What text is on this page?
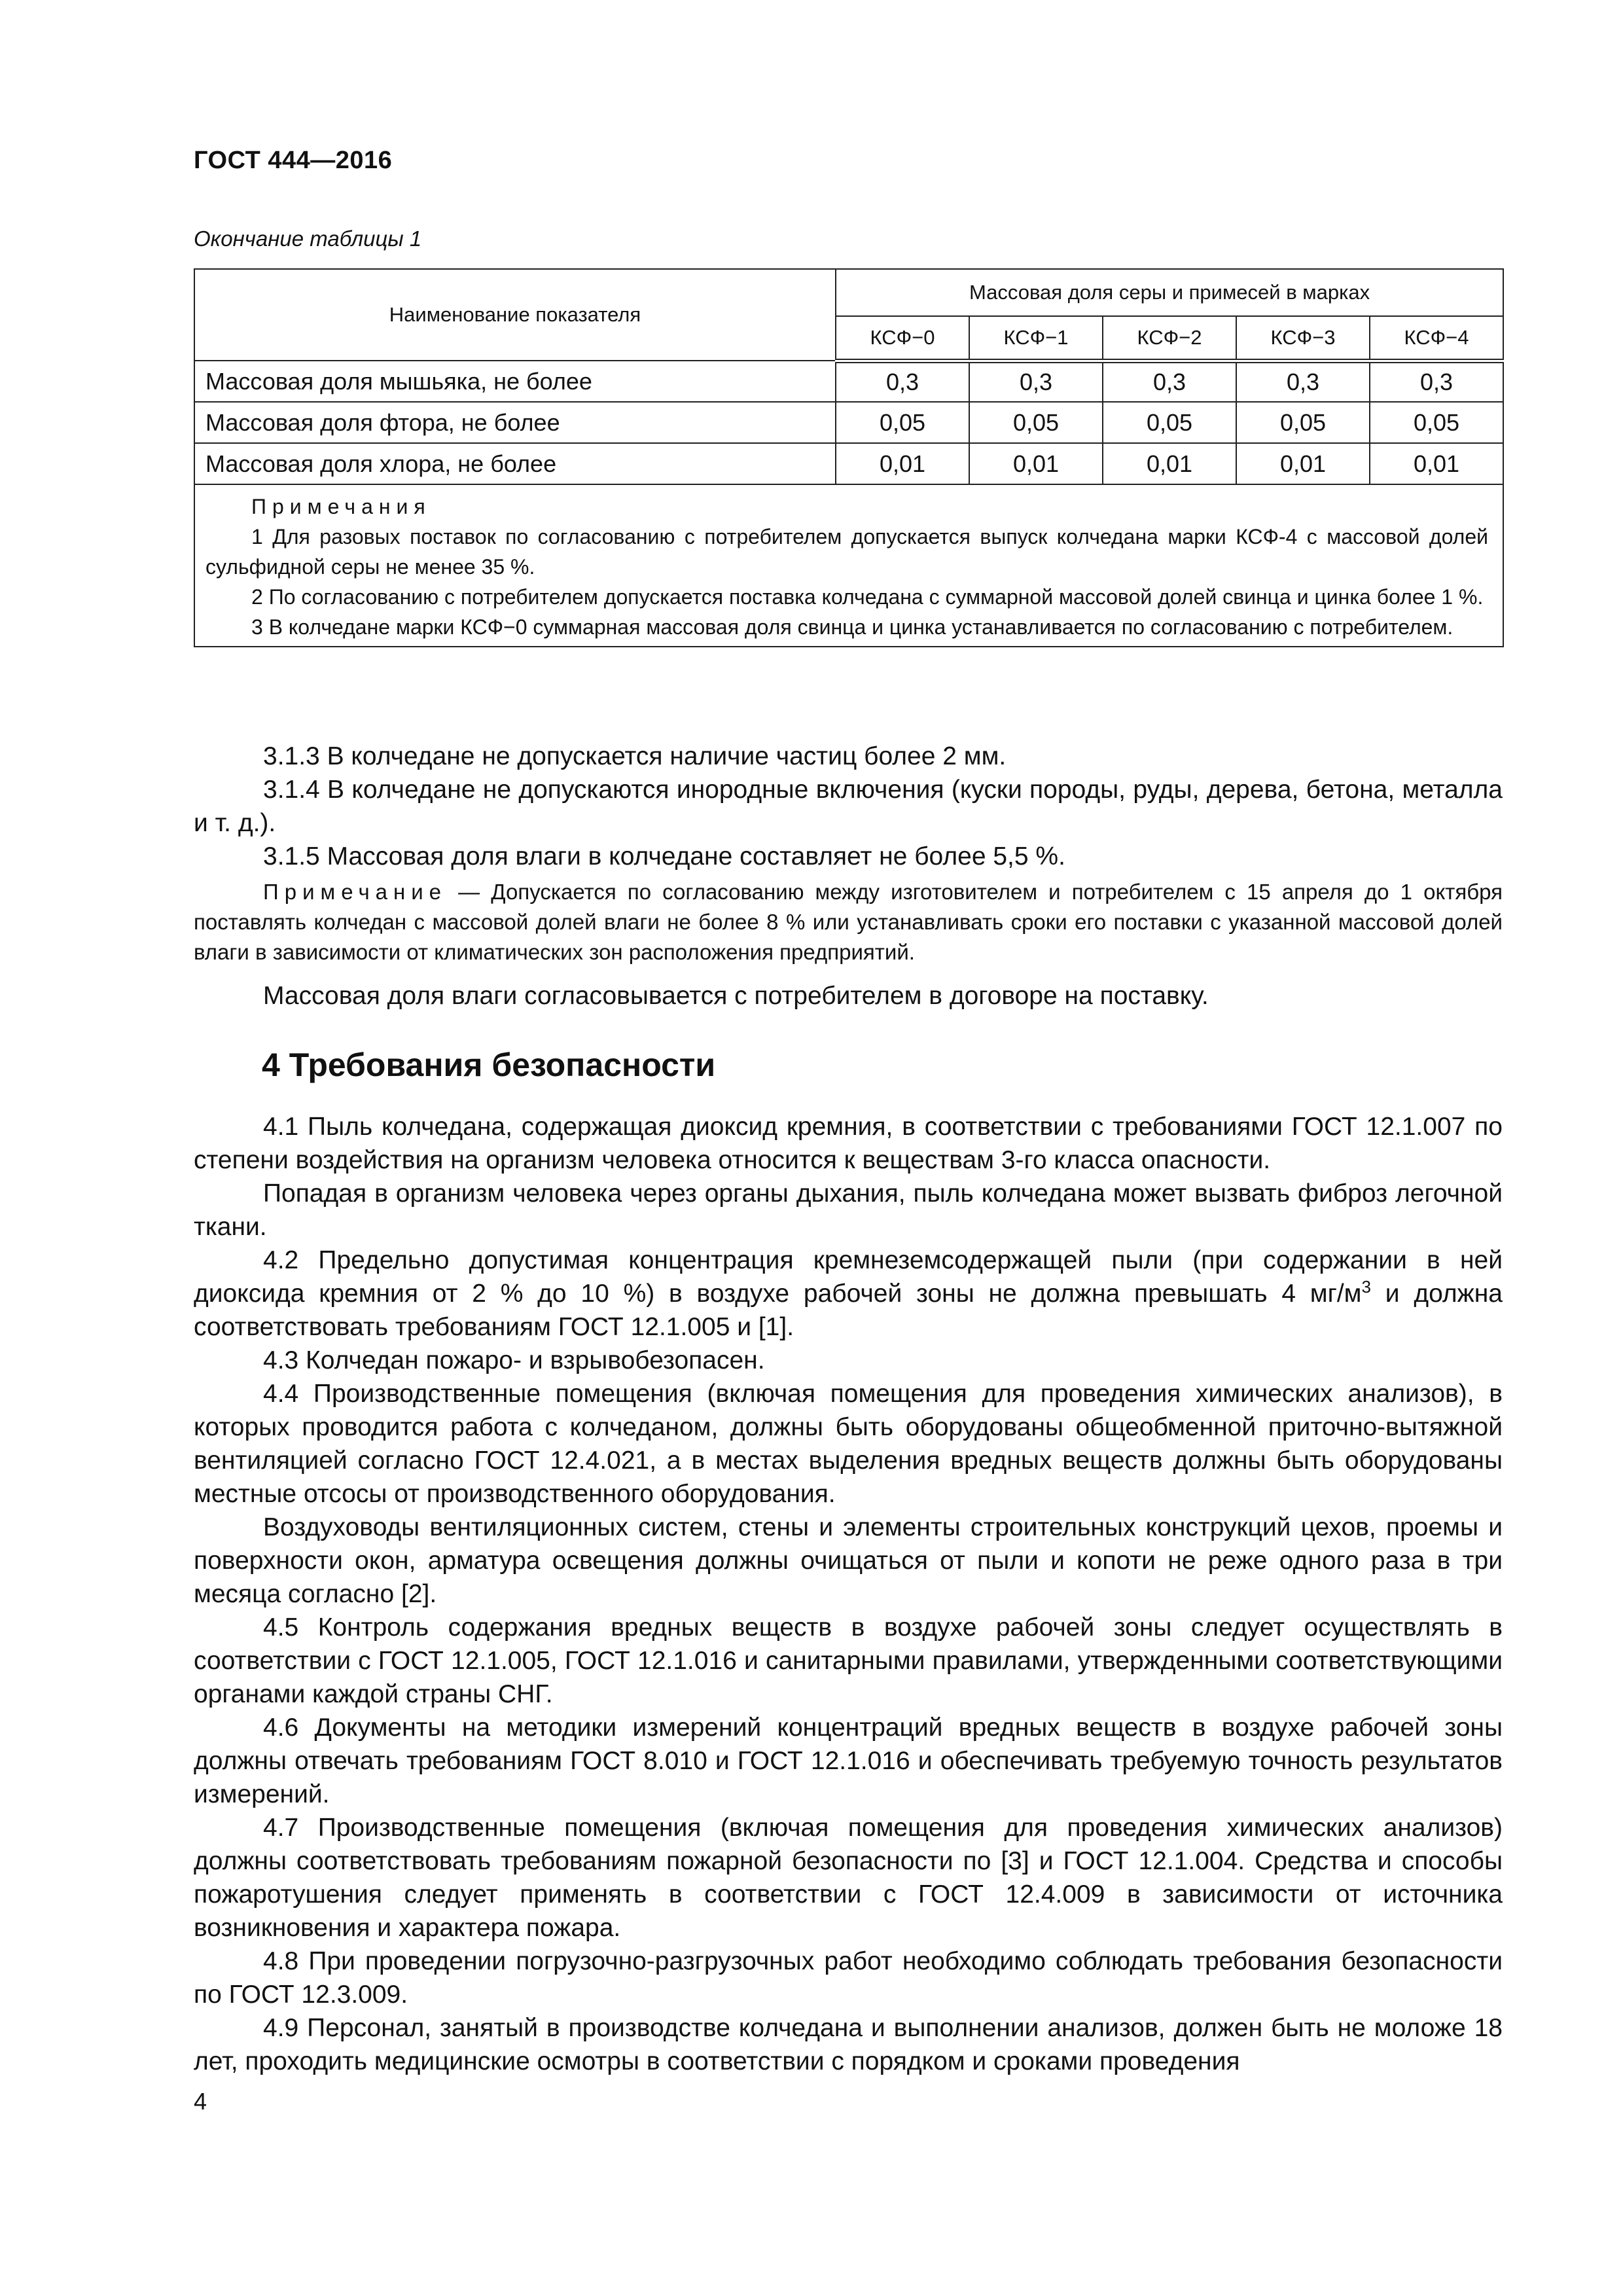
ГОСТ 444—2016

Окончание таблицы 1

Наименование показателя	Массовая доля серы и примесей в марках				
	КСФ−0	КСФ−1	КСФ−2	КСФ−3	КСФ−4
Массовая доля мышьяка, не более	0,3	0,3	0,3	0,3	0,3
Массовая доля фтора, не более	0,05	0,05	0,05	0,05	0,05
Массовая доля хлора, не более	0,01	0,01	0,01	0,01	0,01

Примечания

1 Для разовых поставок по согласованию с потребителем допускается выпуск колчедана марки КСФ-4 с массовой долей сульфидной серы не менее 35 %.

2 По согласованию с потребителем допускается поставка колчедана с суммарной массовой долей свинца и цинка более 1 %.

3 В колчедане марки КСФ−0 суммарная массовая доля свинца и цинка устанавливается по согласованию с потребителем.					

3.1.3 В колчедане не допускается наличие частиц более 2 мм.

3.1.4 В колчедане не допускаются инородные включения (куски породы, руды, дерева, бетона, металла и т. д.).

3.1.5 Массовая доля влаги в колчедане составляет не более 5,5 %.

Примечание — Допускается по согласованию между изготовителем и потребителем с 15 апреля до 1 октября поставлять колчедан с массовой долей влаги не более 8 % или устанавливать сроки его поставки с указанной массовой долей влаги в зависимости от климатических зон расположения предприятий.

Массовая доля влаги согласовывается с потребителем в договоре на поставку.

4 Требования безопасности

4.1 Пыль колчедана, содержащая диоксид кремния, в соответствии с требованиями ГОСТ 12.1.007 по степени воздействия на организм человека относится к веществам 3-го класса опасности.

Попадая в организм человека через органы дыхания, пыль колчедана может вызвать фиброз легочной ткани.

4.2 Предельно допустимая концентрация кремнеземсодержащей пыли (при содержании в ней диоксида кремния от 2 % до 10 %) в воздухе рабочей зоны не должна превышать 4 $мг/м^3$ и должна соответствовать требованиям ГОСТ 12.1.005 и [1].

4.3 Колчедан пожаро- и взрывобезопасен.

4.4 Производственные помещения (включая помещения для проведения химических анализов), в которых проводится работа с колчеданом, должны быть оборудованы общеобменной приточно-вытяжной вентиляцией согласно ГОСТ 12.4.021, а в местах выделения вредных веществ должны быть оборудованы местные отсосы от производственного оборудования.

Воздуховоды вентиляционных систем, стены и элементы строительных конструкций цехов, проемы и поверхности окон, арматура освещения должны очищаться от пыли и копоти не реже одного раза в три месяца согласно [2].

4.5 Контроль содержания вредных веществ в воздухе рабочей зоны следует осуществлять в соответствии с ГОСТ 12.1.005, ГОСТ 12.1.016 и санитарными правилами, утвержденными соответствующими органами каждой страны СНГ.

4.6 Документы на методики измерений концентраций вредных веществ в воздухе рабочей зоны должны отвечать требованиям ГОСТ 8.010 и ГОСТ 12.1.016 и обеспечивать требуемую точность результатов измерений.

4.7 Производственные помещения (включая помещения для проведения химических анализов) должны соответствовать требованиям пожарной безопасности по [3] и ГОСТ 12.1.004. Средства и способы пожаротушения следует применять в соответствии с ГОСТ 12.4.009 в зависимости от источника возникновения и характера пожара.

4.8 При проведении погрузочно-разгрузочных работ необходимо соблюдать требования безопасности по ГОСТ 12.3.009.

4.9 Персонал, занятый в производстве колчедана и выполнении анализов, должен быть не моложе 18 лет, проходить медицинские осмотры в соответствии с порядком и сроками проведения

4
